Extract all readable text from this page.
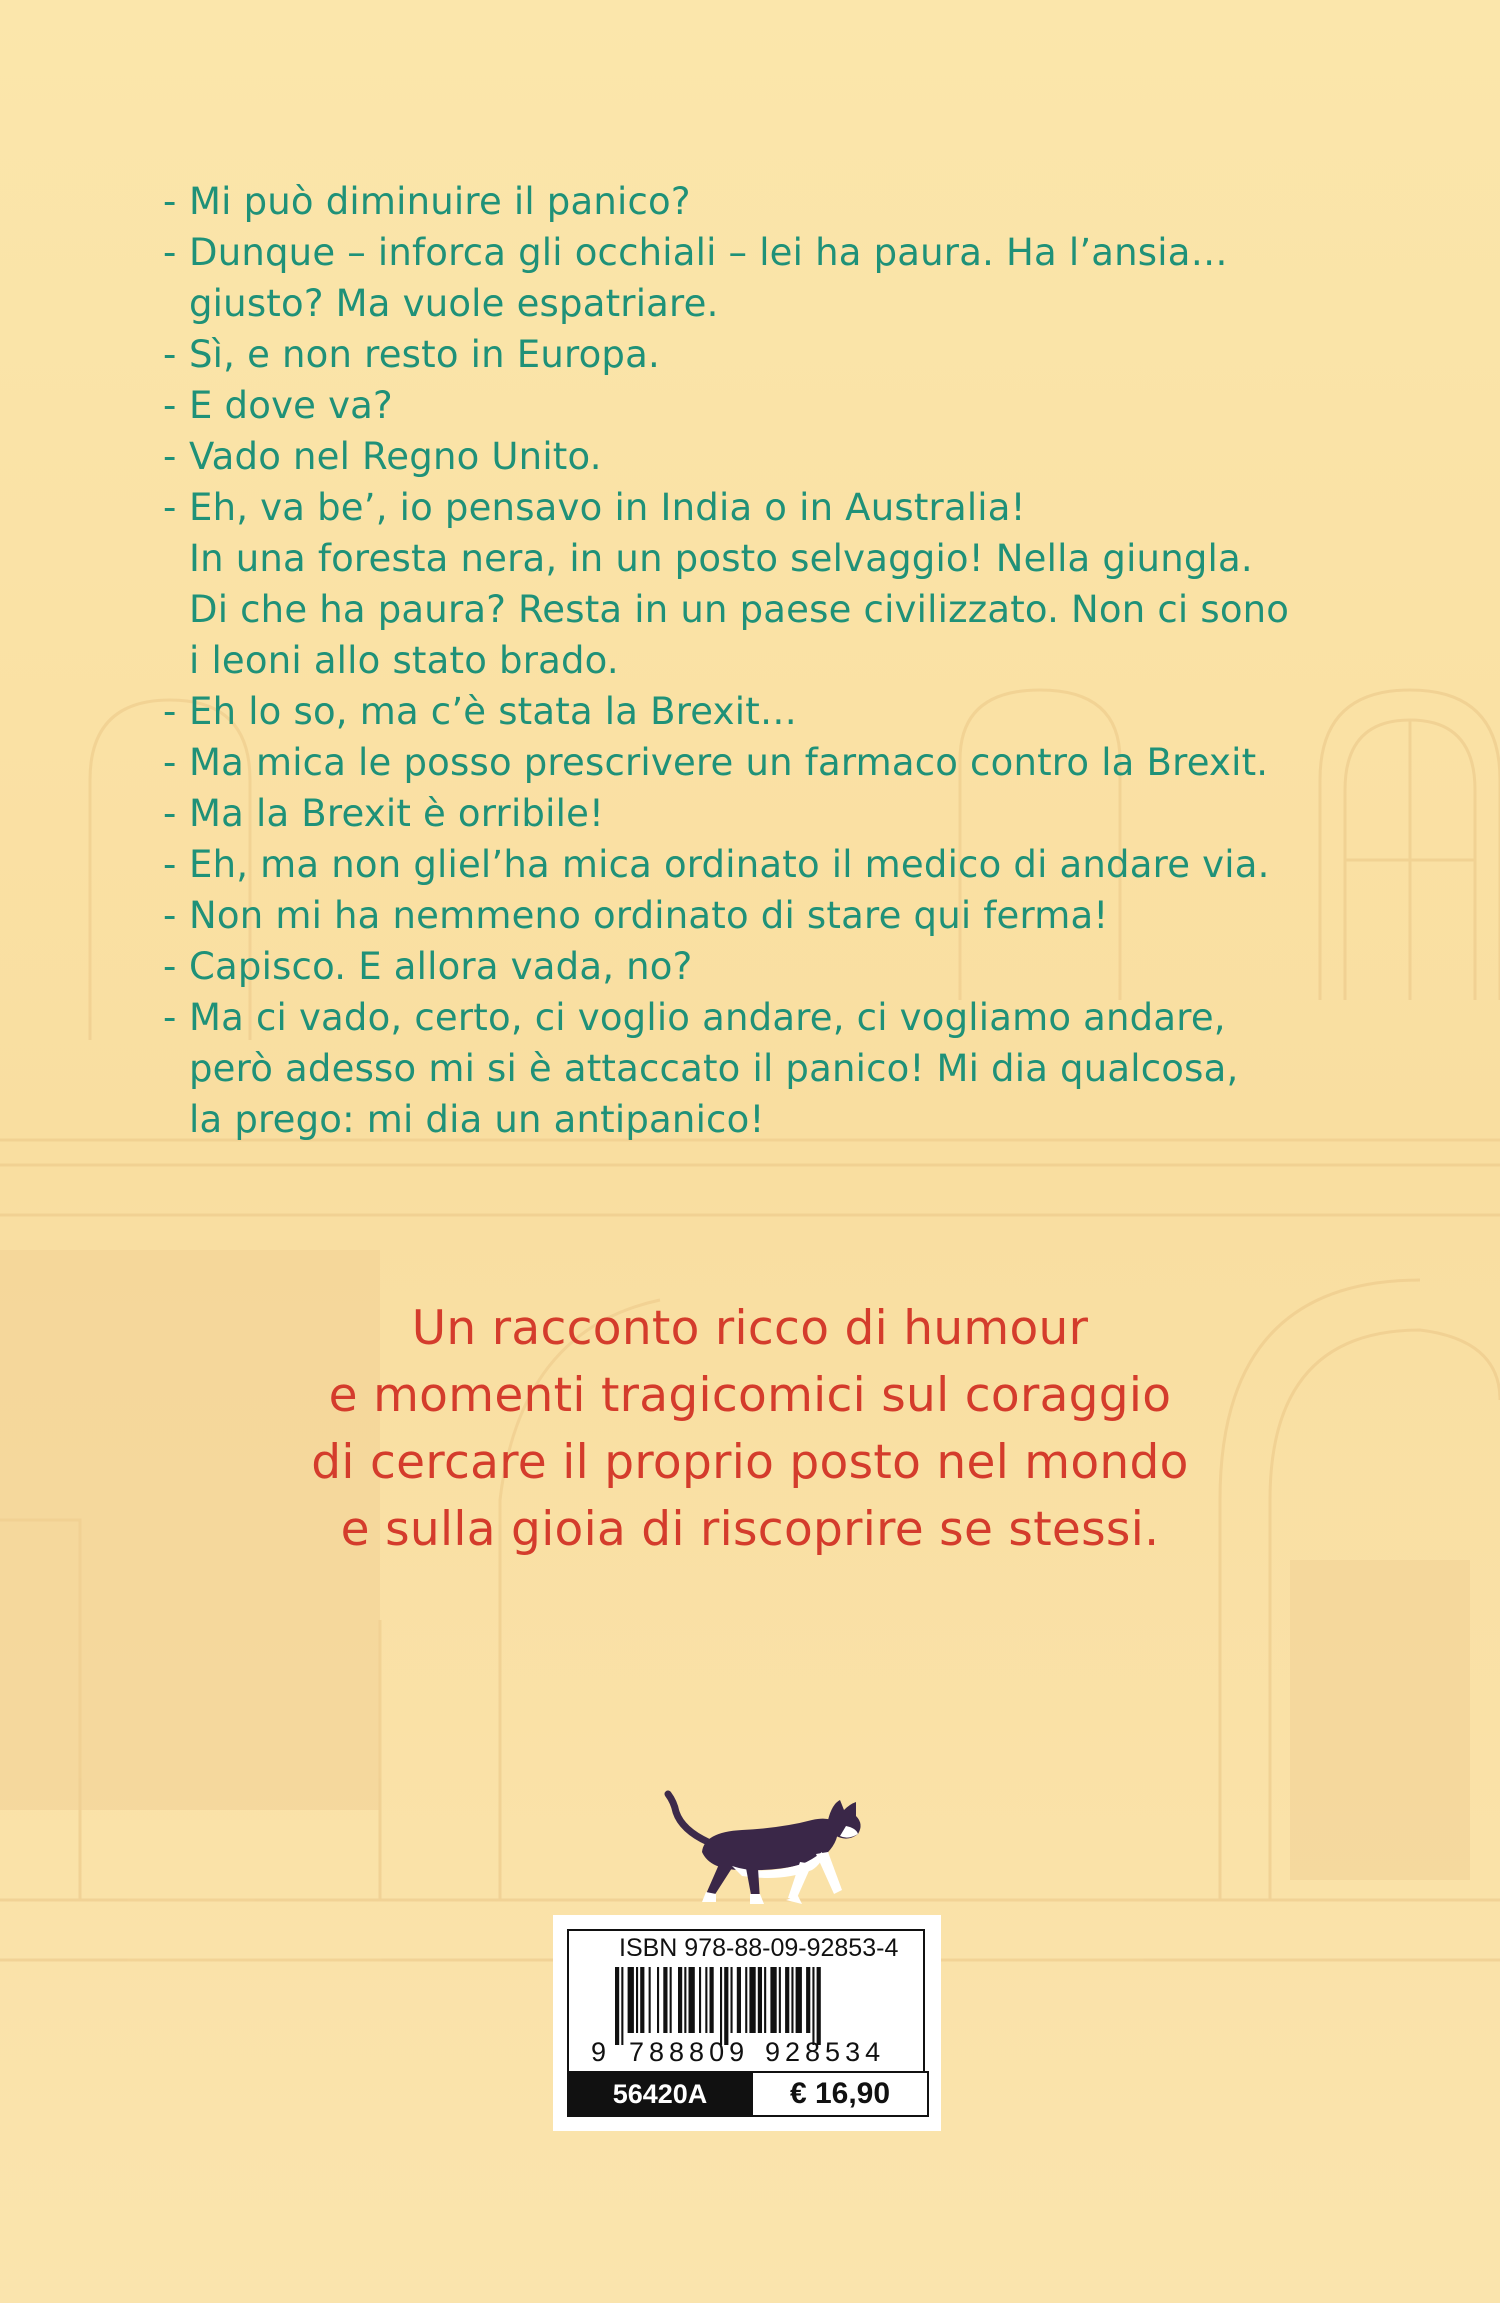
- Mi può diminuire il panico?
- Dunque – inforca gli occhiali – lei ha paura. Ha l’ansia…
giusto? Ma vuole espatriare.
- Sì, e non resto in Europa.
- E dove va?
- Vado nel Regno Unito.
- Eh, va be’, io pensavo in India o in Australia!
In una foresta nera, in un posto selvaggio! Nella giungla.
Di che ha paura? Resta in un paese civilizzato. Non ci sono
i leoni allo stato brado.
- Eh lo so, ma c’è stata la Brexit…
- Ma mica le posso prescrivere un farmaco contro la Brexit.
- Ma la Brexit è orribile!
- Eh, ma non gliel’ha mica ordinato il medico di andare via.
- Non mi ha nemmeno ordinato di stare qui ferma!
- Capisco. E allora vada, no?
- Ma ci vado, certo, ci voglio andare, ci vogliamo andare,
però adesso mi si è attaccato il panico! Mi dia qualcosa,
la prego: mi dia un antipanico!
Un racconto ricco di humour
e momenti tragicomici sul coraggio
di cercare il proprio posto nel mondo
e sulla gioia di riscoprire se stessi.
ISBN 978-88-09-92853-4
9 788809 928534
56420A	€ 16,90
